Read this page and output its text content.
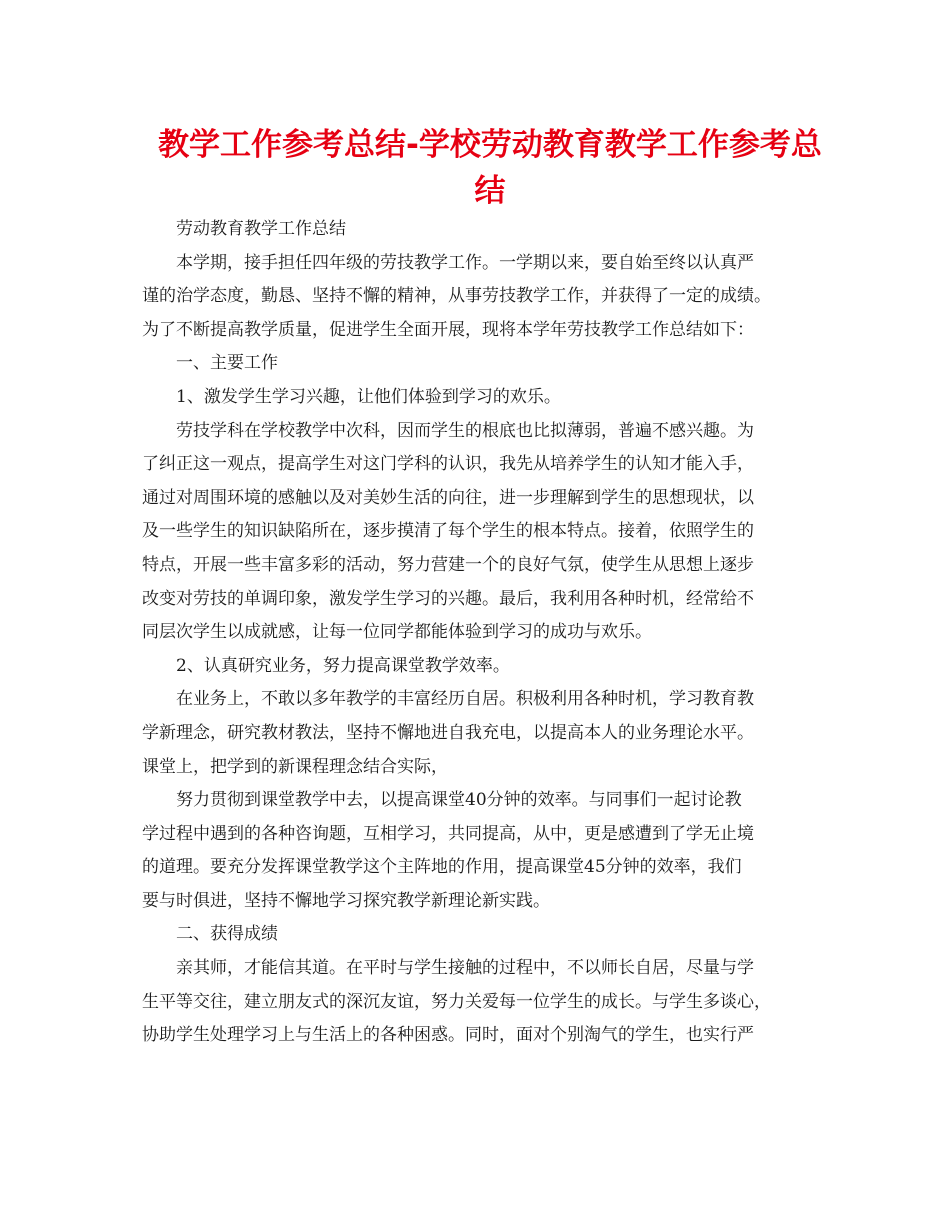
教学工作参考总结-学校劳动教育教学工作参考总
结
劳动教育教学工作总结
本学期，接手担任四年级的劳技教学工作。一学期以来，要自始至终以认真严
谨的治学态度，勤恳、坚持不懈的精神，从事劳技教学工作，并获得了一定的成绩。
为了不断提高教学质量，促进学生全面开展，现将本学年劳技教学工作总结如下：
一、主要工作
1、激发学生学习兴趣，让他们体验到学习的欢乐。
劳技学科在学校教学中次科，因而学生的根底也比拟薄弱，普遍不感兴趣。为
了纠正这一观点，提高学生对这门学科的认识，我先从培养学生的认知才能入手，
通过对周围环境的感触以及对美妙生活的向往，进一步理解到学生的思想现状，以
及一些学生的知识缺陷所在，逐步摸清了每个学生的根本特点。接着，依照学生的
特点，开展一些丰富多彩的活动，努力营建一个的良好气氛，使学生从思想上逐步
改变对劳技的单调印象，激发学生学习的兴趣。最后，我利用各种时机，经常给不
同层次学生以成就感，让每一位同学都能体验到学习的成功与欢乐。
2、认真研究业务，努力提高课堂教学效率。
在业务上，不敢以多年教学的丰富经历自居。积极利用各种时机，学习教育教
学新理念，研究教材教法，坚持不懈地进自我充电，以提高本人的业务理论水平。
课堂上，把学到的新课程理念结合实际，
努力贯彻到课堂教学中去，以提高课堂40分钟的效率。与同事们一起讨论教
学过程中遇到的各种咨询题，互相学习，共同提高，从中，更是感遭到了学无止境
的道理。要充分发挥课堂教学这个主阵地的作用，提高课堂45分钟的效率，我们
要与时俱进，坚持不懈地学习探究教学新理论新实践。
二、获得成绩
亲其师，才能信其道。在平时与学生接触的过程中，不以师长自居，尽量与学
生平等交往，建立朋友式的深沉友谊，努力关爱每一位学生的成长。与学生多谈心，
协助学生处理学习上与生活上的各种困惑。同时，面对个别淘气的学生，也实行严
